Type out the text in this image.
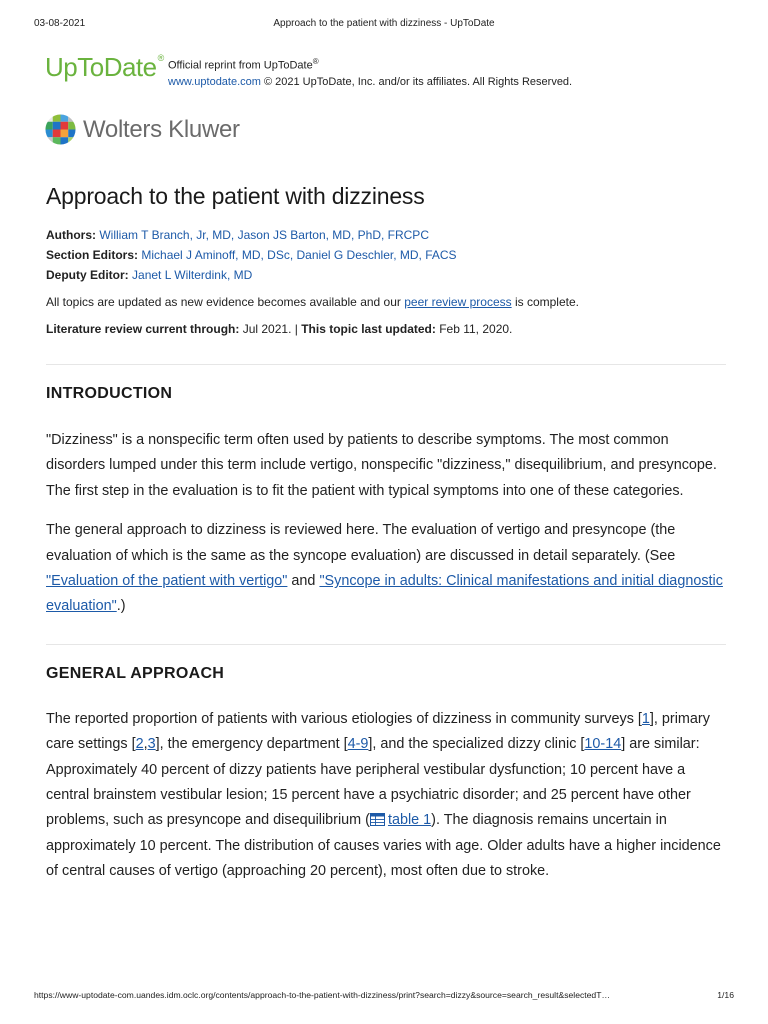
03-08-2021	Approach to the patient with dizziness - UpToDate
UpToDate®
Official reprint from UpToDate®
www.uptodate.com © 2021 UpToDate, Inc. and/or its affiliates. All Rights Reserved.
Wolters Kluwer
Approach to the patient with dizziness
Authors: William T Branch, Jr, MD, Jason JS Barton, MD, PhD, FRCPC
Section Editors: Michael J Aminoff, MD, DSc, Daniel G Deschler, MD, FACS
Deputy Editor: Janet L Wilterdink, MD
All topics are updated as new evidence becomes available and our peer review process is complete.
Literature review current through: Jul 2021. | This topic last updated: Feb 11, 2020.
INTRODUCTION

"Dizziness" is a nonspecific term often used by patients to describe symptoms. The most common disorders lumped under this term include vertigo, nonspecific "dizziness," disequilibrium, and presyncope. The first step in the evaluation is to fit the patient with typical symptoms into one of these categories.

The general approach to dizziness is reviewed here. The evaluation of vertigo and presyncope (the evaluation of which is the same as the syncope evaluation) are discussed in detail separately. (See "Evaluation of the patient with vertigo" and "Syncope in adults: Clinical manifestations and initial diagnostic evaluation".)

GENERAL APPROACH

The reported proportion of patients with various etiologies of dizziness in community surveys [1], primary care settings [2,3], the emergency department [4-9], and the specialized dizzy clinic [10-14] are similar: Approximately 40 percent of dizzy patients have peripheral vestibular dysfunction; 10 percent have a central brainstem vestibular lesion; 15 percent have a psychiatric disorder; and 25 percent have other problems, such as presyncope and disequilibrium ( table 1). The diagnosis remains uncertain in approximately 10 percent. The distribution of causes varies with age. Older adults have a higher incidence of central causes of vertigo (approaching 20 percent), most often due to stroke.

https://www-uptodate-com.uandes.idm.oclc.org/contents/approach-to-the-patient-with-dizziness/print?search=dizzy&source=search_result&selectedT…	1/16
